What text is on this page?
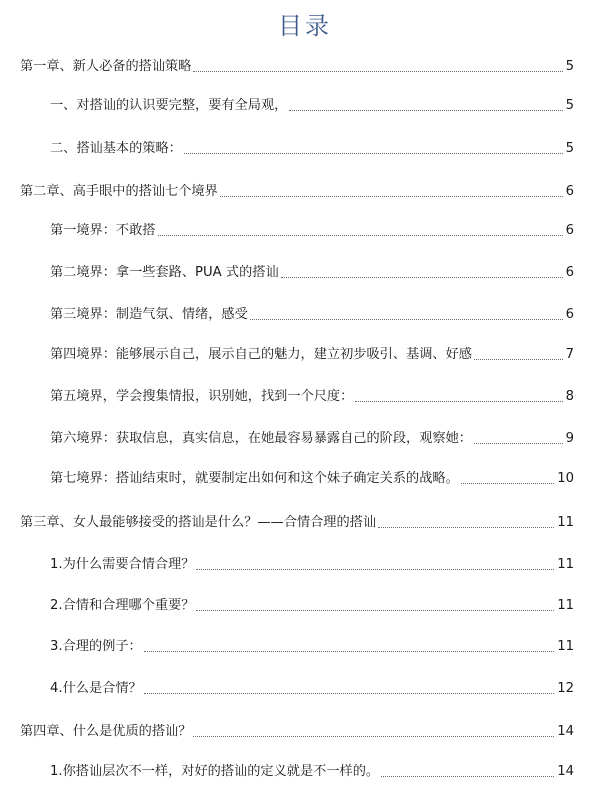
目录
第一章、新人必备的搭讪策略	5
一、对搭讪的认识要完整，要有全局观，	5
二、搭讪基本的策略：	5
第二章、高手眼中的搭讪七个境界	6
第一境界：不敢搭	6
第二境界：拿一些套路、PUA 式的搭讪	6
第三境界：制造气氛、情绪，感受	6
第四境界：能够展示自己，展示自己的魅力，建立初步吸引、基调、好感	7
第五境界，学会搜集情报，识别她，找到一个尺度：	8
第六境界：获取信息，真实信息，在她最容易暴露自己的阶段，观察她：	9
第七境界：搭讪结束时，就要制定出如何和这个妹子确定关系的战略。	10
第三章、女人最能够接受的搭讪是什么？——合情合理的搭讪	11
1.为什么需要合情合理？	11
2.合情和合理哪个重要？	11
3.合理的例子：	11
4.什么是合情？	12
第四章、什么是优质的搭讪？	14
1.你搭讪层次不一样，对好的搭讪的定义就是不一样的。	14
